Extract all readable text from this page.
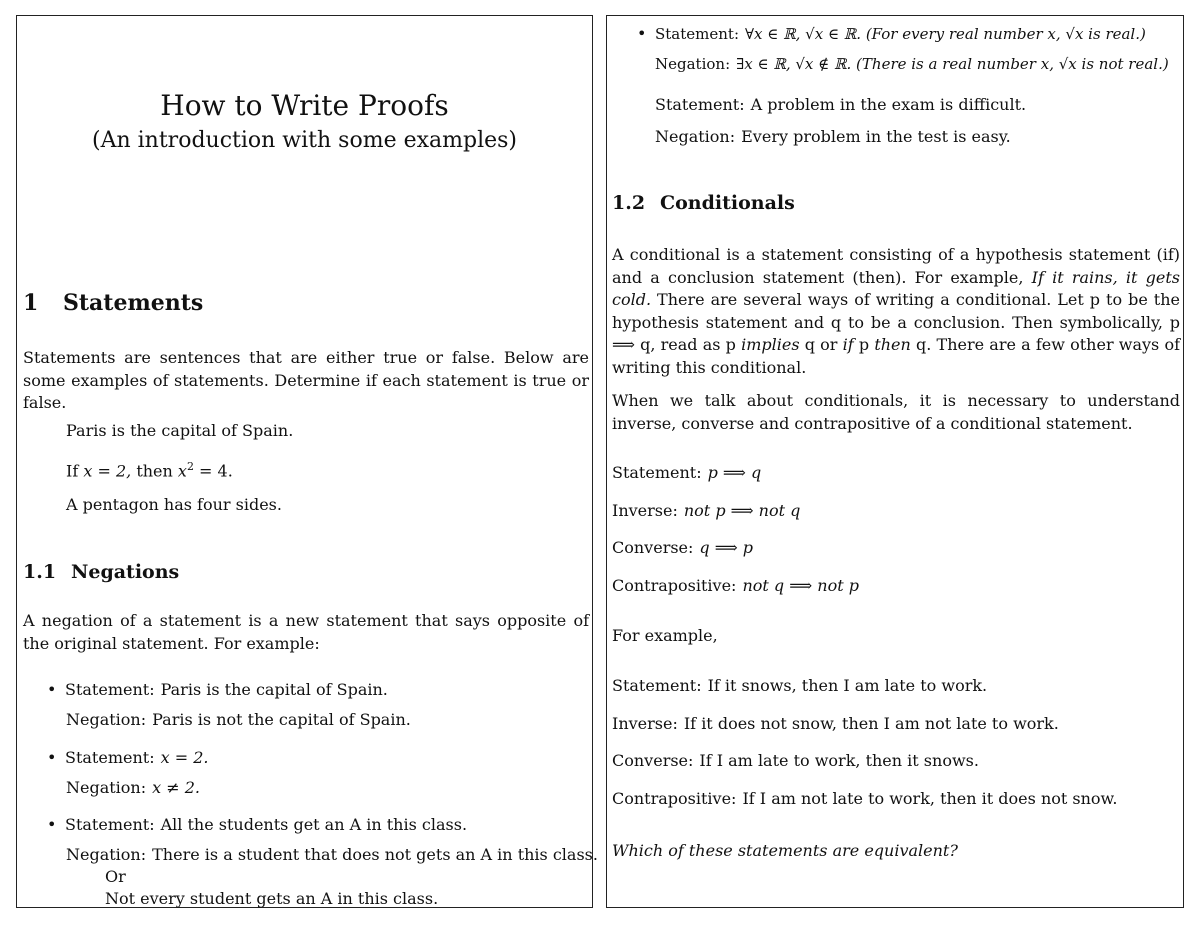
How to Write Proofs
(An introduction with some examples)
1 Statements
Statements are sentences that are either true or false. Below are some examples of statements. Determine if each statement is true or false.
Paris is the capital of Spain.
If x = 2, then $x^2 = 4$.
A pentagon has four sides.
1.1 Negations
A negation of a statement is a new statement that says opposite of the original statement. For example:
• Statement: Paris is the capital of Spain.
Negation: Paris is not the capital of Spain.
• Statement: x = 2.
Negation: x ≠ 2.
• Statement: All the students get an A in this class.
Negation: There is a student that does not gets an A in this class.
Or
Not every student gets an A in this class.
• Statement: ∀x ∈ ℝ, √x ∈ ℝ. (For every real number x, √x is real.)
Negation: ∃x ∈ ℝ, √x ∉ ℝ. (There is a real number x, √x is not real.)
Statement: A problem in the exam is difficult.
Negation: Every problem in the test is easy.
1.2 Conditionals
A conditional is a statement consisting of a hypothesis statement (if) and a conclusion statement (then). For example, If it rains, it gets cold. There are several ways of writing a conditional. Let p to be the hypothesis statement and q to be a conclusion. Then symbolically, p ⟹ q, read as p implies q or if p then q. There are a few other ways of writing this conditional.
When we talk about conditionals, it is necessary to understand inverse, converse and contrapositive of a conditional statement.
Statement: p ⟹ q
Inverse: not p ⟹ not q
Converse: q ⟹ p
Contrapositive: not q ⟹ not p
For example,
Statement: If it snows, then I am late to work.
Inverse: If it does not snow, then I am not late to work.
Converse: If I am late to work, then it snows.
Contrapositive: If I am not late to work, then it does not snow.
Which of these statements are equivalent?
